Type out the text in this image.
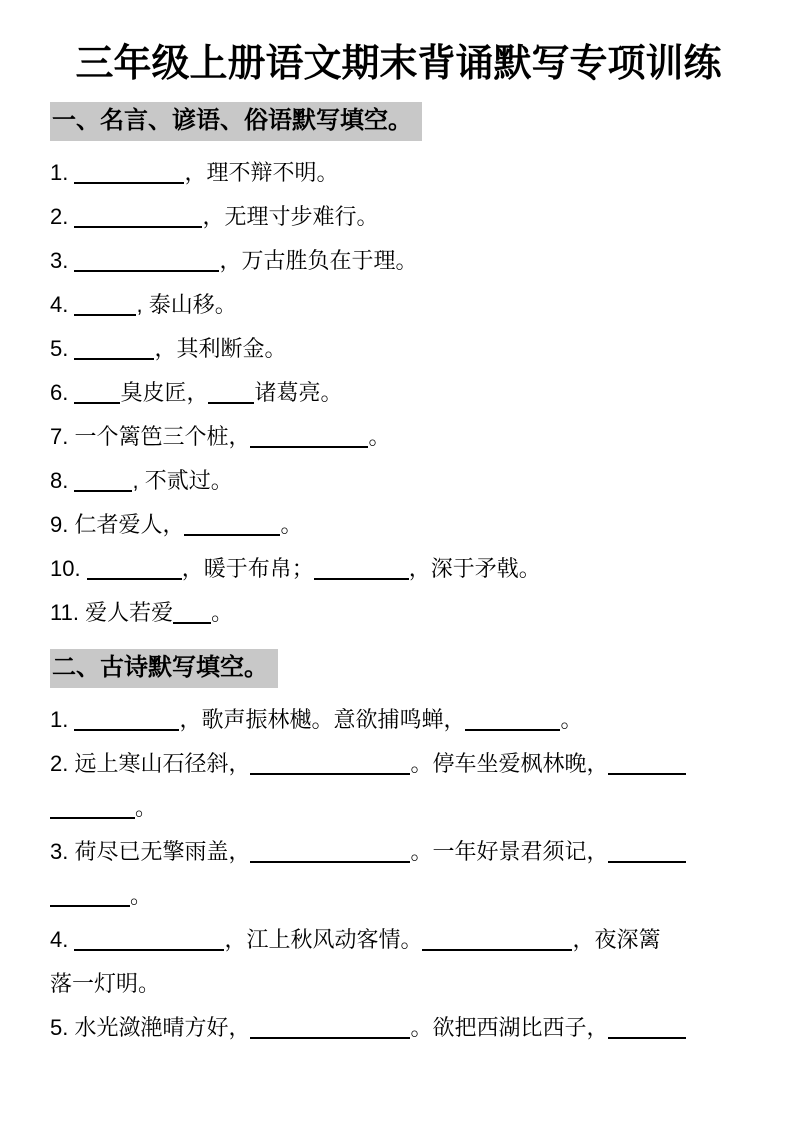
三年级上册语文期末背诵默写专项训练
一、名言、谚语、俗语默写填空。
1.	，理不辩不明。
2.	，无理寸步难行。
3.	，万古胜负在于理。
4.	, 泰山移。
5.	，其利断金。
6. 臭皮匠， 诸葛亮。
7. 一个篱笆三个桩，	。
8.	, 不贰过。
9. 仁者爱人，	。
10.	，暖于布帛；	，深于矛戟。
11. 爱人若爱 。
二、古诗默写填空。
1.	，歌声振林樾。意欲捕鸣蝉，	。
2. 远上寒山石径斜，	。停车坐爱枫林晚，
。
3. 荷尽已无擎雨盖，	。一年好景君须记，
。
4.	，江上秋风动客情。	，夜深篱
落一灯明。
5. 水光潋滟晴方好，	。欲把西湖比西子，
